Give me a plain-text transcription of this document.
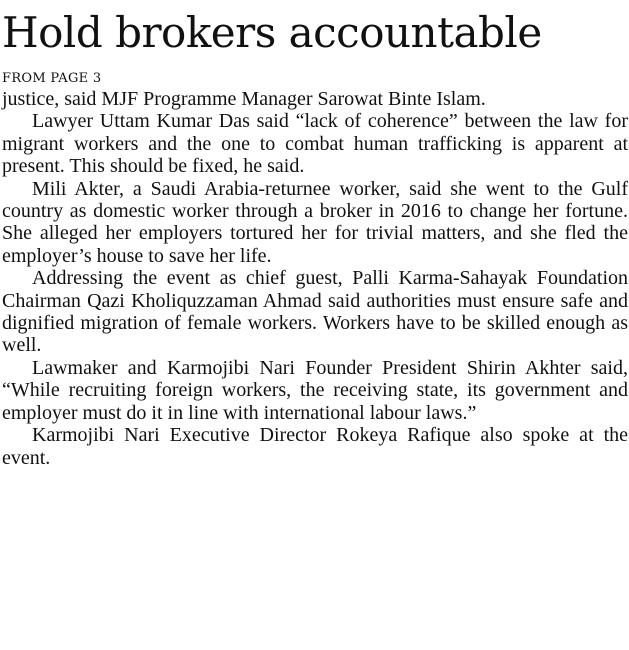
Hold brokers accountable
FROM PAGE 3

justice, said MJF Programme Manager Sarowat Binte Islam.

Lawyer Uttam Kumar Das said “lack of coherence” between the law for migrant workers and the one to combat human trafficking is apparent at present. This should be fixed, he said.

Mili Akter, a Saudi Arabia-returnee worker, said she went to the Gulf country as domestic worker through a broker in 2016 to change her fortune. She alleged her employers tortured her for trivial matters, and she fled the employer’s house to save her life.

Addressing the event as chief guest, Palli Karma-Sahayak Foundation Chairman Qazi Kholiquzzaman Ahmad said authorities must ensure safe and dignified migration of female workers. Workers have to be skilled enough as well.

Lawmaker and Karmojibi Nari Founder President Shirin Akhter said, “While recruiting foreign workers, the receiving state, its government and employer must do it in line with international labour laws.”

Karmojibi Nari Executive Director Rokeya Rafique also spoke at the event.
